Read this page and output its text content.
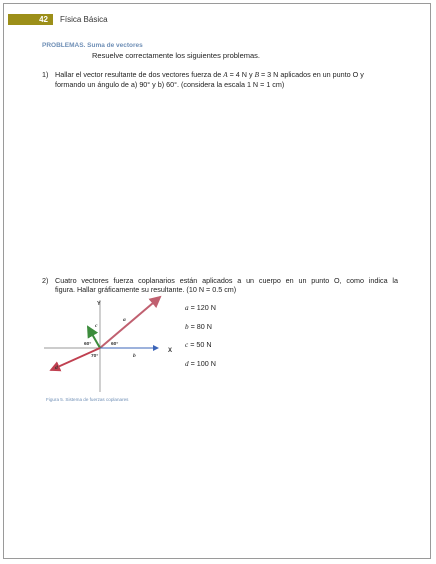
42	Física Básica
PROBLEMAS. Suma de vectores
Resuelve correctamente los siguientes problemas.
1) Hallar el vector resultante de dos vectores fuerza de A = 4 N y B = 3 N aplicados en un punto O y
formando un ángulo de a) 90° y b) 60°. (considera la escala 1 N = 1 cm)
2) Cuatro vectores fuerza coplanarios están aplicados a un cuerpo en un punto O, como indica la
figura. Hallar gráficamente su resultante. (10 N = 0.5 cm)
X
Y
a
b
c
d
60°	60°
70°
a = 120 N
b = 80 N
c = 50 N
d = 100 N
Figura 5. Sistema de fuerzas coplanares
